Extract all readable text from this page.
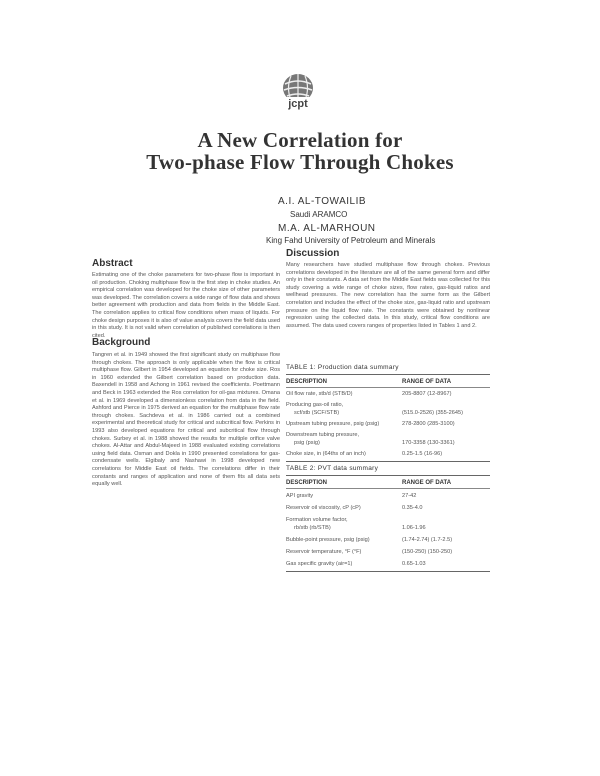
jcpt
A New Correlation for
Two-phase Flow Through Chokes
A.I. AL-TOWAILIB
Saudi ARAMCO
M.A. AL-MARHOUN
King Fahd University of Petroleum and Minerals
Abstract
Estimating one of the choke parameters for two-phase flow is important in oil production. Choking multiphase flow is the first step in choke studies. An empirical correlation was developed for the choke size of other parameters was developed. The correlation covers a wide range of flow data and shows better agreement with production and data from fields in the Middle East. The correlation applies to critical flow conditions when mass of liquids. For choke design purposes it is also of value analysis covers the field data used in this study. It is not valid when correlation of published correlations is then cited.
Background
Tangren et al. in 1949 showed the first significant study on multiphase flow through chokes. The approach is only applicable when the flow is critical multiphase flow. Gilbert in 1954 developed an equation for choke size. Ros in 1960 extended the Gilbert correlation based on production data. Baxendell in 1958 and Achong in 1961 revised the coefficients. Poettmann and Beck in 1963 extended the Ros correlation for oil-gas mixtures. Omana et al. in 1969 developed a dimensionless correlation from data in the field. Ashford and Pierce in 1975 derived an equation for the multiphase flow rate through chokes. Sachdeva et al. in 1986 carried out a combined experimental and theoretical study for critical and subcritical flow. Perkins in 1993 also developed equations for critical and subcritical flow through chokes. Surbey et al. in 1988 showed the results for multiple orifice valve chokes. Al-Attar and Abdul-Majeed in 1988 evaluated existing correlations using field data. Osman and Dokla in 1990 presented correlations for gas-condensate wells. Elgibaly and Nashawi in 1998 developed new correlations for Middle East oil fields. The correlations differ in their constants and ranges of application and none of them fits all data sets equally well.
Discussion
Many researchers have studied multiphase flow through chokes. Previous correlations developed in the literature are all of the same general form and differ only in their constants. A data set from the Middle East fields was collected for this study covering a wide range of choke sizes, flow rates, gas-liquid ratios and wellhead pressures. The new correlation has the same form as the Gilbert correlation and includes the effect of the choke size, gas-liquid ratio and upstream pressure on the liquid flow rate. The constants were obtained by nonlinear regression using the collected data. In this study, critical flow conditions are assumed. The data used covers ranges of properties listed in Tables 1 and 2.
TABLE 1: Production data summary
DESCRIPTION	RANGE OF DATA
Oil flow rate, stb/d (STB/D)	205-8807 (12-8967)
Producing gas-oil ratio,
scf/stb (SCF/STB)	(515.0-2526) (355-2645)
Upstream tubing pressure, psig (psig)	278-2800 (285-3100)
Downstream tubing pressure,
psig (psig)	170-3358 (130-3361)
Choke size, in (64ths of an inch)	0.25-1.5 (16-96)
TABLE 2: PVT data summary
DESCRIPTION	RANGE OF DATA
API gravity	27-42
Reservoir oil viscosity, cP (cP)	0.35-4.0
Formation volume factor,
rb/stb (rb/STB)	1.06-1.96
Bubble-point pressure, psig (psig)	(1.74-2.74) (1.7-2.5)
Reservoir temperature, °F (°F)	(150-250) (150-250)
Gas specific gravity (air=1)	0.65-1.03
